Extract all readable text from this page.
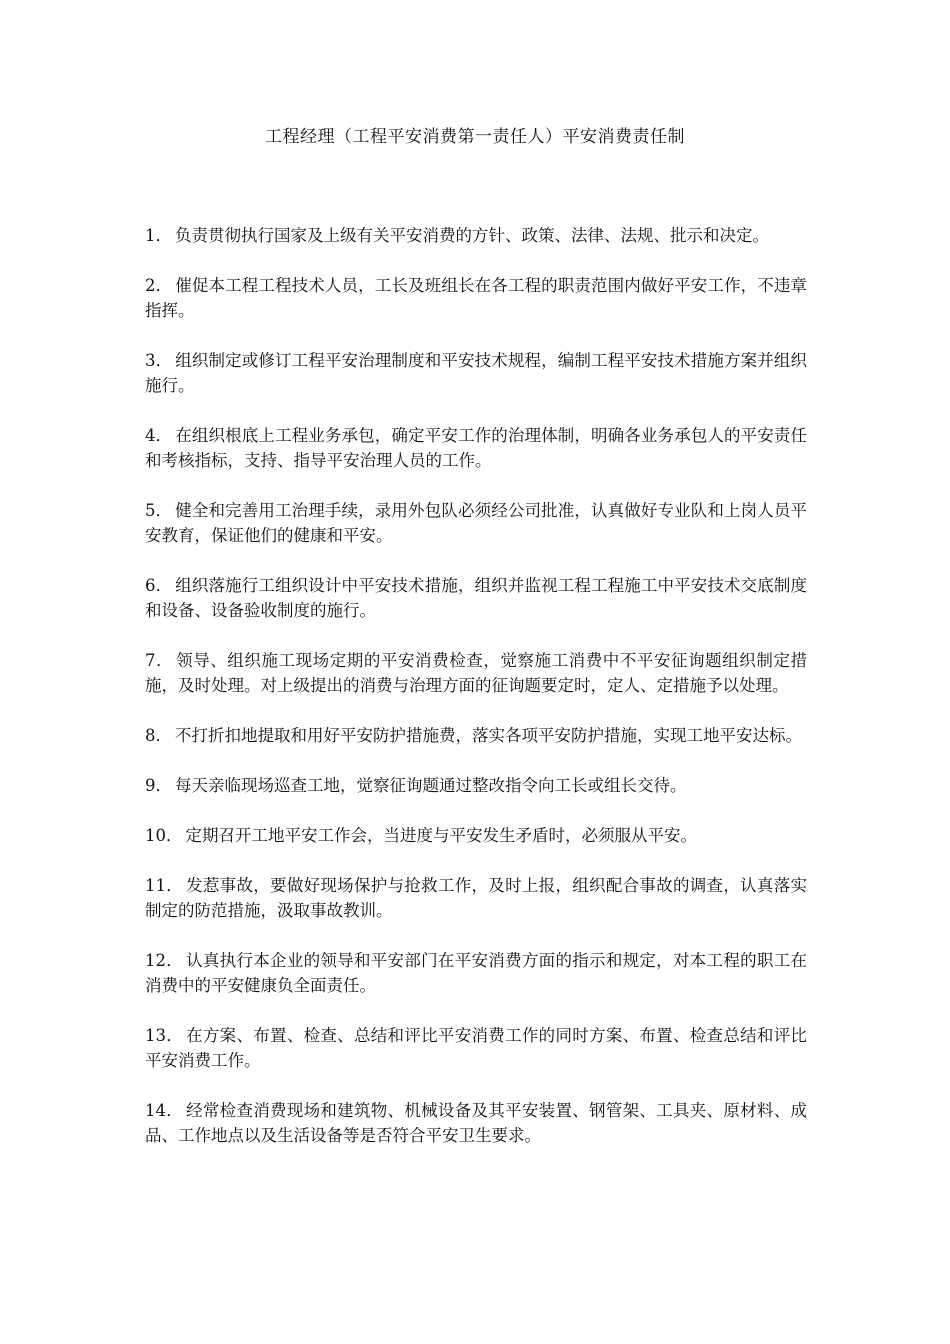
工程经理（工程平安消费第一责任人）平安消费责任制

1． 负责贯彻执行国家及上级有关平安消费的方针、政策、法律、法规、批示和决定。

2． 催促本工程工程技术人员，工长及班组长在各工程的职责范围内做好平安工作，不违章指挥。

3． 组织制定或修订工程平安治理制度和平安技术规程，编制工程平安技术措施方案并组织施行。

4． 在组织根底上工程业务承包，确定平安工作的治理体制，明确各业务承包人的平安责任和考核指标，支持、指导平安治理人员的工作。

5． 健全和完善用工治理手续，录用外包队必须经公司批准，认真做好专业队和上岗人员平安教育，保证他们的健康和平安。

6． 组织落施行工组织设计中平安技术措施，组织并监视工程工程施工中平安技术交底制度和设备、设备验收制度的施行。

7． 领导、组织施工现场定期的平安消费检查，觉察施工消费中不平安征询题组织制定措施，及时处理。对上级提出的消费与治理方面的征询题要定时，定人、定措施予以处理。

8． 不打折扣地提取和用好平安防护措施费，落实各项平安防护措施，实现工地平安达标。

9． 每天亲临现场巡查工地，觉察征询题通过整改指令向工长或组长交待。

10． 定期召开工地平安工作会，当进度与平安发生矛盾时，必须服从平安。

11． 发惹事故，要做好现场保护与抢救工作，及时上报，组织配合事故的调查，认真落实制定的防范措施，汲取事故教训。

12． 认真执行本企业的领导和平安部门在平安消费方面的指示和规定，对本工程的职工在消费中的平安健康负全面责任。

13． 在方案、布置、检查、总结和评比平安消费工作的同时方案、布置、检查总结和评比平安消费工作。

14． 经常检查消费现场和建筑物、机械设备及其平安装置、钢管架、工具夹、原材料、成品、工作地点以及生活设备等是否符合平安卫生要求。
